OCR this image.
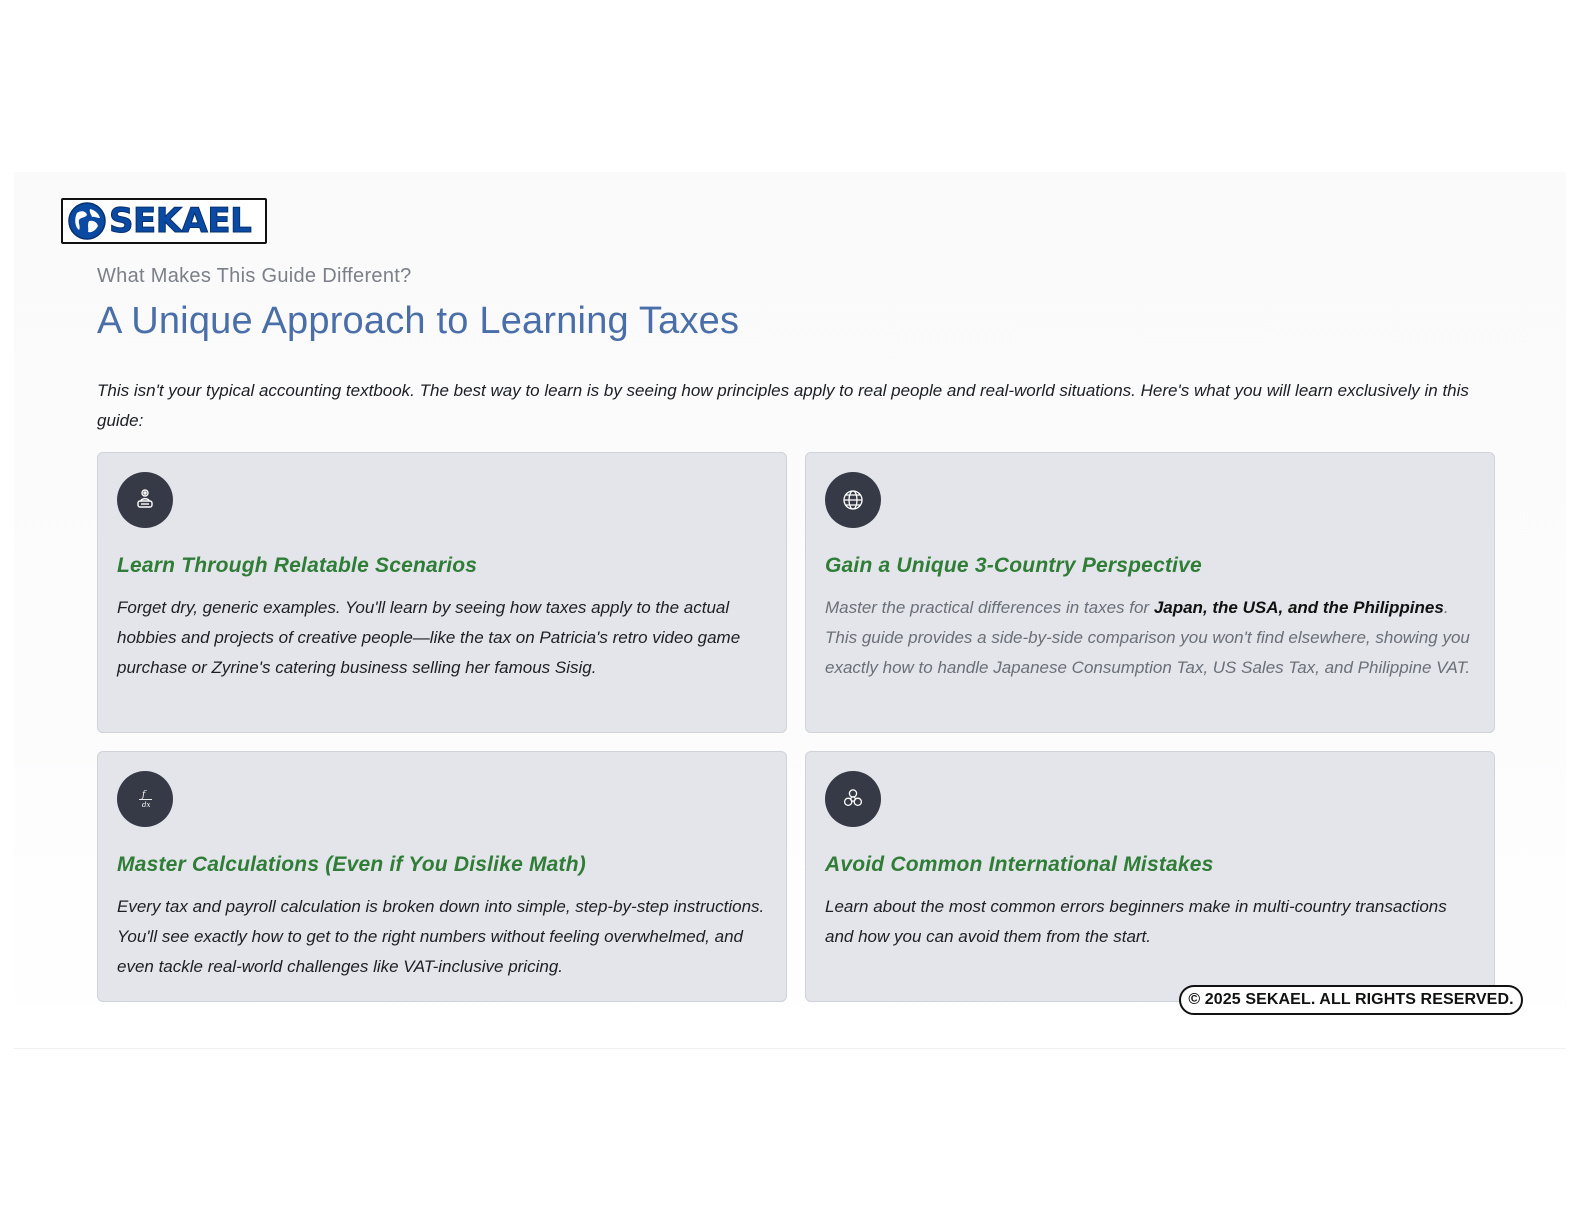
SEKAEL
What Makes This Guide Different?
A Unique Approach to Learning Taxes

This isn't your typical accounting textbook. The best way to learn is by seeing how principles apply to real people and real-world situations. Here's what you will learn exclusively in this guide:

Learn Through Relatable Scenarios

Forget dry, generic examples. You'll learn by seeing how taxes apply to the actual hobbies and projects of creative people—like the tax on Patricia's retro video game purchase or Zyrine's catering business selling her famous Sisig.

Gain a Unique 3-Country Perspective

Master the practical differences in taxes for Japan, the USA, and the Philippines. This guide provides a side-by-side comparison you won't find elsewhere, showing you exactly how to handle Japanese Consumption Tax, US Sales Tax, and Philippine VAT.

f
dx
Master Calculations (Even if You Dislike Math)

Every tax and payroll calculation is broken down into simple, step-by-step instructions. You'll see exactly how to get to the right numbers without feeling overwhelmed, and even tackle real-world challenges like VAT-inclusive pricing.

Avoid Common International Mistakes

Learn about the most common errors beginners make in multi-country transactions and how you can avoid them from the start.

© 2025 SEKAEL. ALL RIGHTS RESERVED.
